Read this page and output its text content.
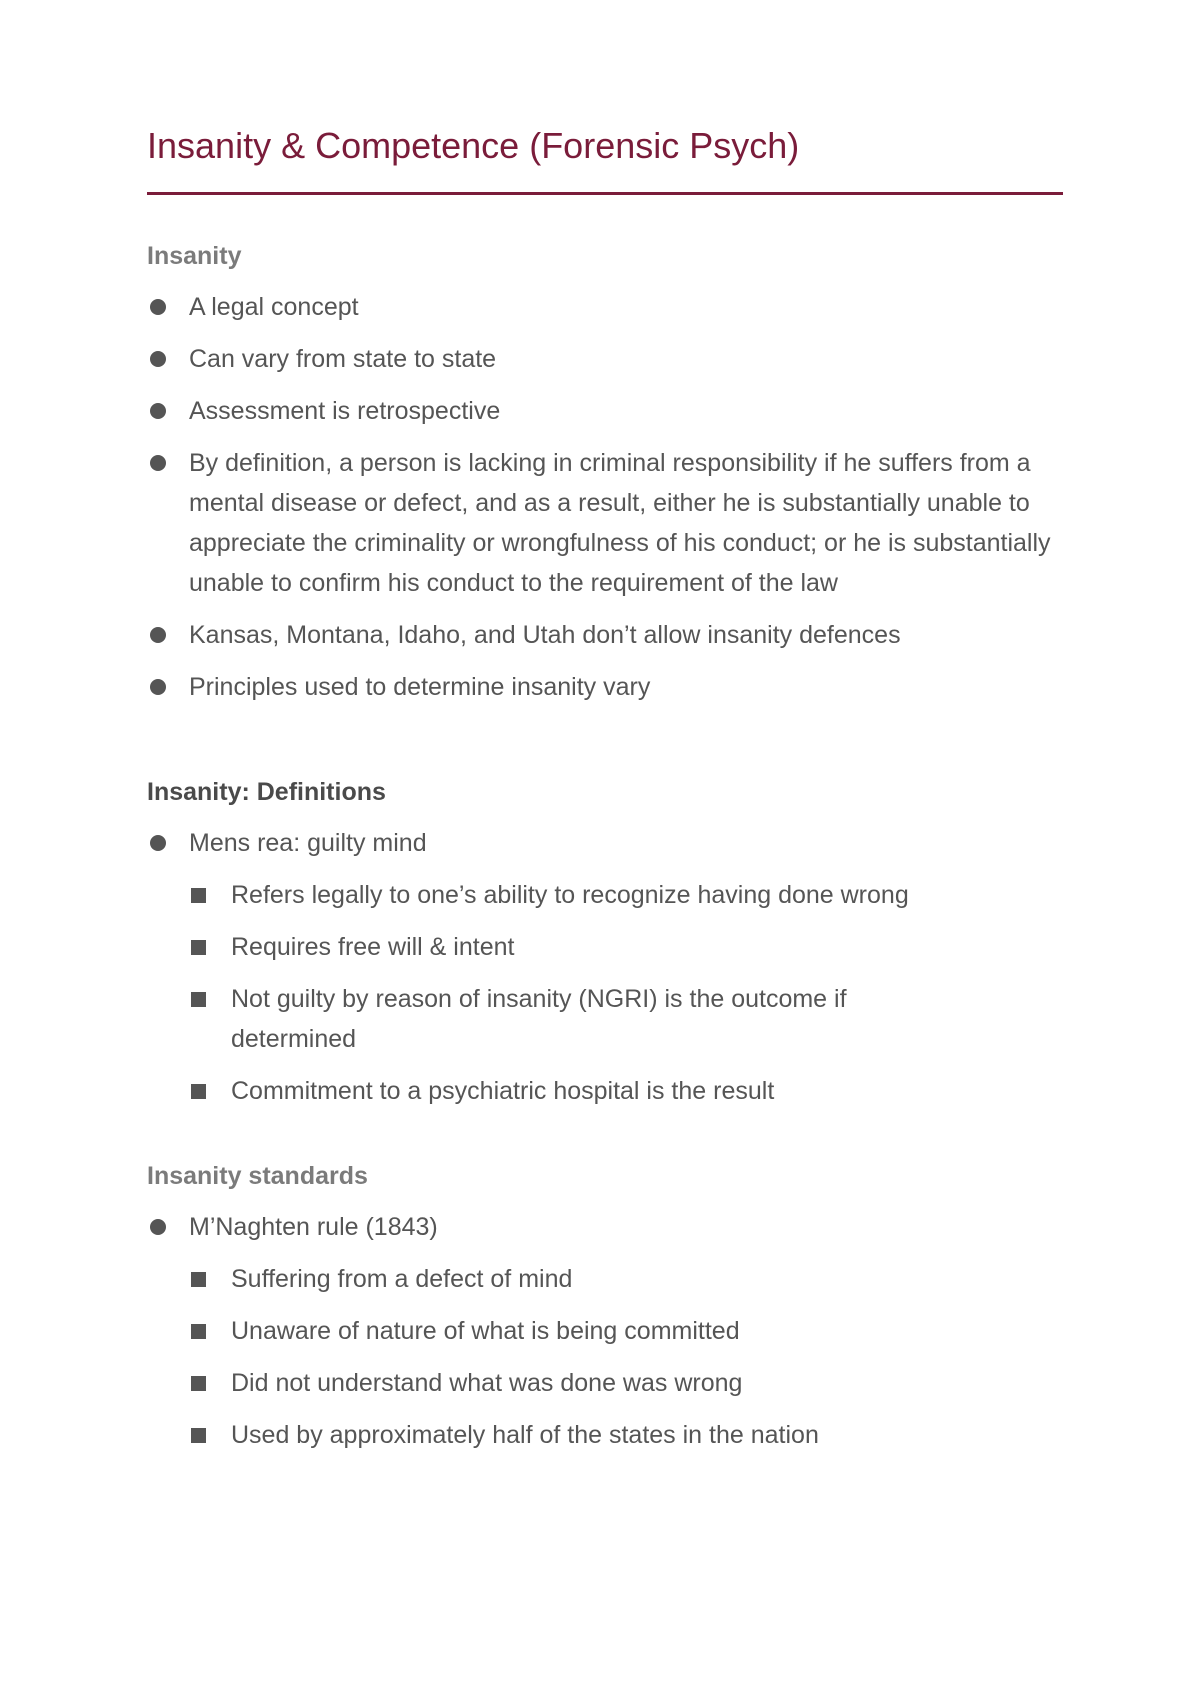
Insanity & Competence (Forensic Psych)
Insanity
A legal concept
Can vary from state to state
Assessment is retrospective
By definition, a person is lacking in criminal responsibility if he suffers from a mental disease or defect, and as a result, either he is substantially unable to appreciate the criminality or wrongfulness of his conduct; or he is substantially unable to confirm his conduct to the requirement of the law
Kansas, Montana, Idaho, and Utah don’t allow insanity defences
Principles used to determine insanity vary
Insanity: Definitions
Mens rea: guilty mind
Refers legally to one’s ability to recognize having done wrong
Requires free will & intent
Not guilty by reason of insanity (NGRI) is the outcome if determined
Commitment to a psychiatric hospital is the result
Insanity standards
M’Naghten rule (1843)
Suffering from a defect of mind
Unaware of nature of what is being committed
Did not understand what was done was wrong
Used by approximately half of the states in the nation
